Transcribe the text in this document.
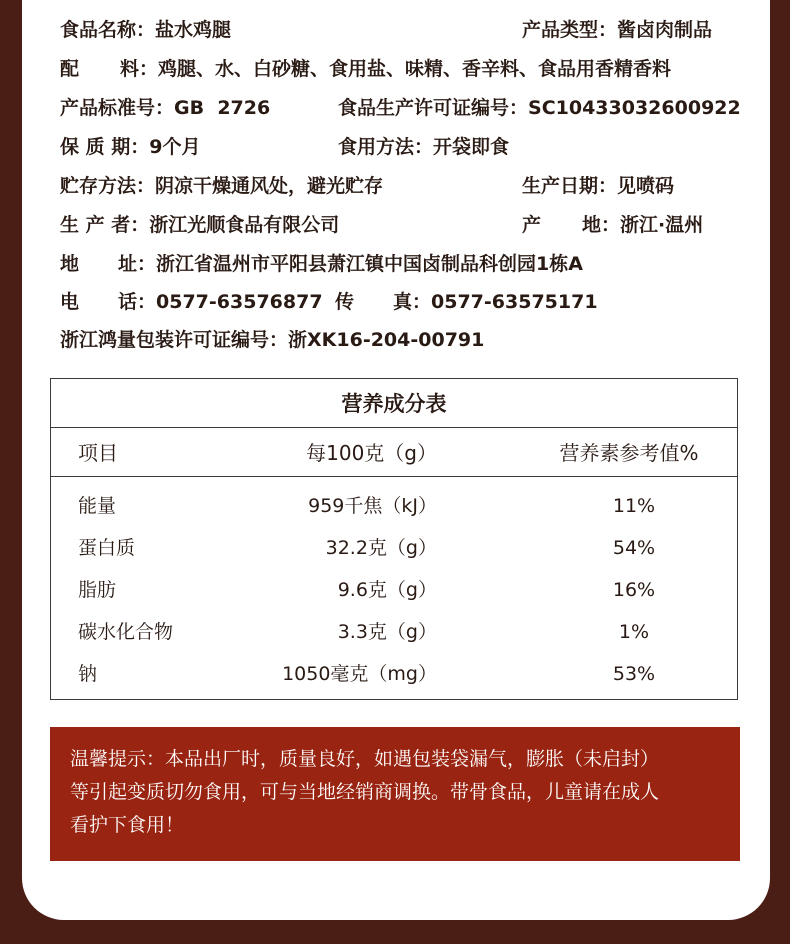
食品名称：盐水鸡腿	产品类型：酱卤肉制品
配 料：鸡腿、水、白砂糖、食用盐、味精、香辛料、食品用香精香料
产品标准号：GB  2726	食品生产许可证编号：SC10433032600922
保 质 期：9个月	食用方法：开袋即食
贮存方法：阴凉干燥通风处，避光贮存	生产日期：见喷码
生 产 者：浙江光顺食品有限公司	产 地：浙江·温州
地 址：浙江省温州市平阳县萧江镇中国卤制品科创园1栋A
电 话：0577-63576877 传 真：0577-63575171
浙江鸿量包装许可证编号：浙XK16-204-00791
营养成分表
项目	每100克（g）	营养素参考值%
能量	959千焦（kJ）	11%
蛋白质	32.2克（g）	54%
脂肪	9.6克（g）	16%
碳水化合物	3.3克（g）	1%
钠	1050毫克（mg）	53%
温馨提示：本品出厂时，质量良好，如遇包装袋漏气，膨胀（未启封）
等引起变质切勿食用，可与当地经销商调换。带骨食品，儿童请在成人
看护下食用！
